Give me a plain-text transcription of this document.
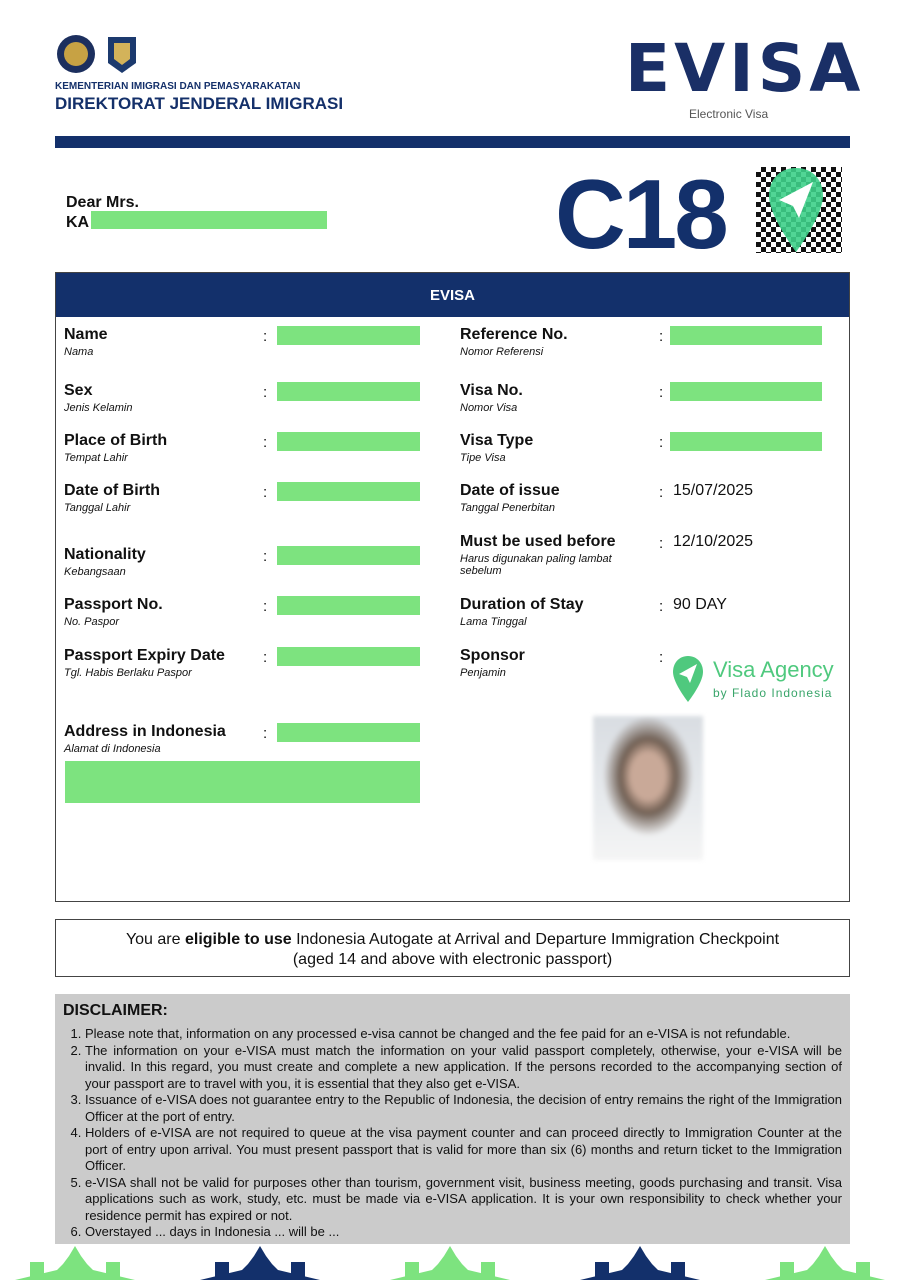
KEMENTERIAN IMIGRASI DAN PEMASYARAKATAN
DIREKTORAT JENDERAL IMIGRASI	EVISA
Electronic Visa
Dear Mrs.
KA	C18
EVISA
Name
Nama
:
Sex
Jenis Kelamin
:
Place of Birth
Tempat Lahir
:
Date of Birth
Tanggal Lahir
:
Nationality
Kebangsaan
:
Passport No.
No. Paspor
:
Passport Expiry Date
Tgl. Habis Berlaku Paspor
:
Address in Indonesia
Alamat di Indonesia
:
Reference No.
Nomor Referensi
:
Visa No.
Nomor Visa
:
Visa Type
Tipe Visa
:
Date of issue
Tanggal Penerbitan
: 15/07/2025
Must be used before
Harus digunakan paling lambat sebelum
: 12/10/2025
Duration of Stay
Lama Tinggal
: 90 DAY
Sponsor
Penjamin
: Visa Agency
by Flado Indonesia
You are eligible to use Indonesia Autogate at Arrival and Departure Immigration Checkpoint
(aged 14 and above with electronic passport)
DISCLAIMER:
1. Please note that, information on any processed e-visa cannot be changed and the fee paid for an e-VISA is not refundable.
2. The information on your e-VISA must match the information on your valid passport completely, otherwise, your e-VISA will be invalid. In this regard, you must create and complete a new application. If the persons recorded to the accompanying section of your passport are to travel with you, it is essential that they also get e-VISA.
3. Issuance of e-VISA does not guarantee entry to the Republic of Indonesia, the decision of entry remains the right of the Immigration Officer at the port of entry.
4. Holders of e-VISA are not required to queue at the visa payment counter and can proceed directly to Immigration Counter at the port of entry upon arrival. You must present passport that is valid for more than six (6) months and return ticket to the Immigration Officer.
5. e-VISA shall not be valid for purposes other than tourism, government visit, business meeting, goods purchasing and transit. Visa applications such as work, study, etc. must be made via e-VISA application. It is your own responsibility to check whether your residence permit has expired or not.
6. Overstayed ... days in Indonesia ... will be ...
